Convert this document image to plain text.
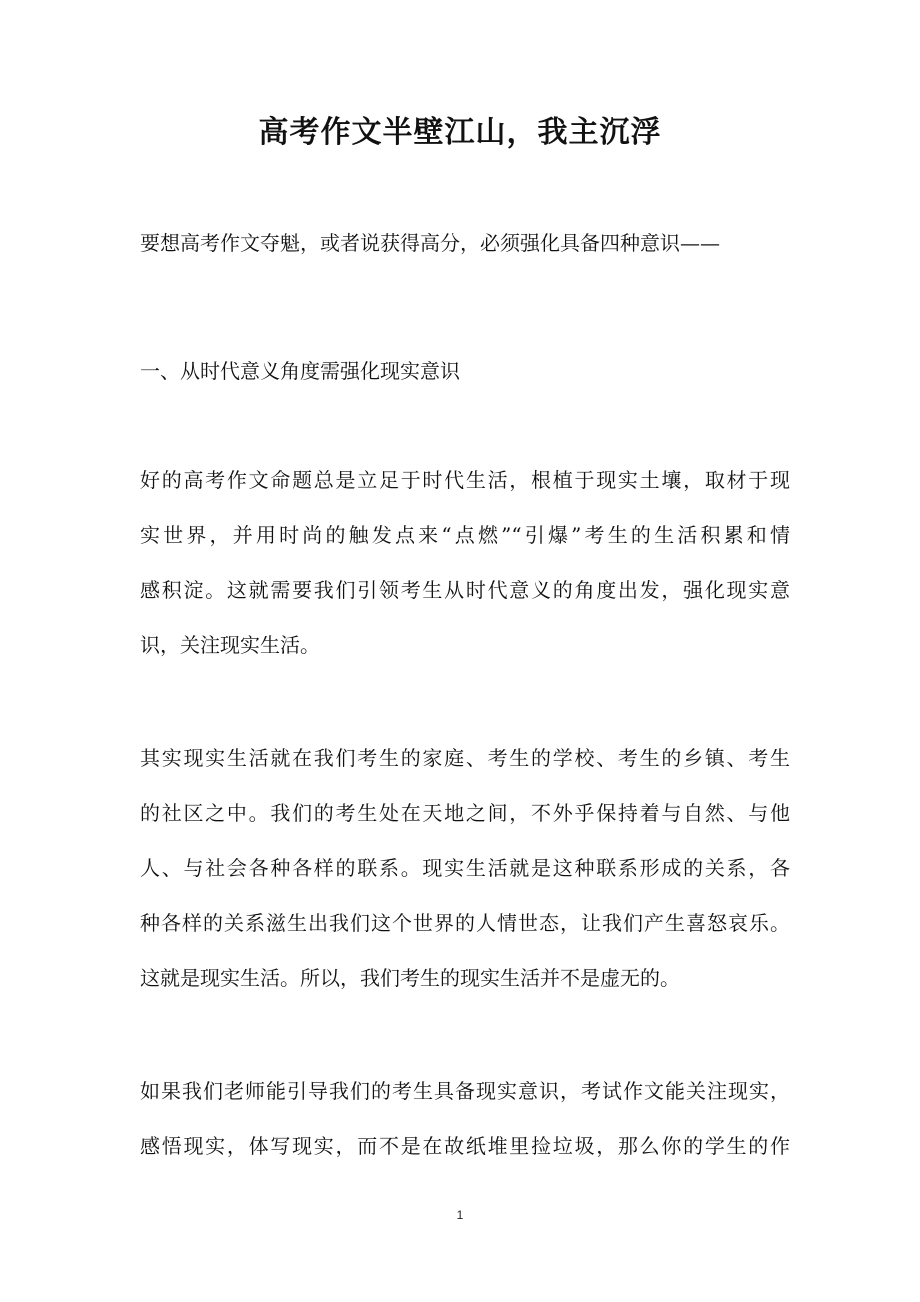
高考作文半壁江山，我主沉浮

要想高考作文夺魁，或者说获得高分，必须强化具备四种意识——

一、从时代意义角度需强化现实意识

好的高考作文命题总是立足于时代生活，根植于现实土壤，取材于现
实世界，并用时尚的触发点来“点燃”“引爆”考生的生活积累和情
感积淀。这就需要我们引领考生从时代意义的角度出发，强化现实意
识，关注现实生活。

其实现实生活就在我们考生的家庭、考生的学校、考生的乡镇、考生
的社区之中。我们的考生处在天地之间，不外乎保持着与自然、与他
人、与社会各种各样的联系。现实生活就是这种联系形成的关系，各
种各样的关系滋生出我们这个世界的人情世态，让我们产生喜怒哀乐。
这就是现实生活。所以，我们考生的现实生活并不是虚无的。

如果我们老师能引导我们的考生具备现实意识，考试作文能关注现实，
感悟现实，体写现实，而不是在故纸堆里捡垃圾，那么你的学生的作

1
